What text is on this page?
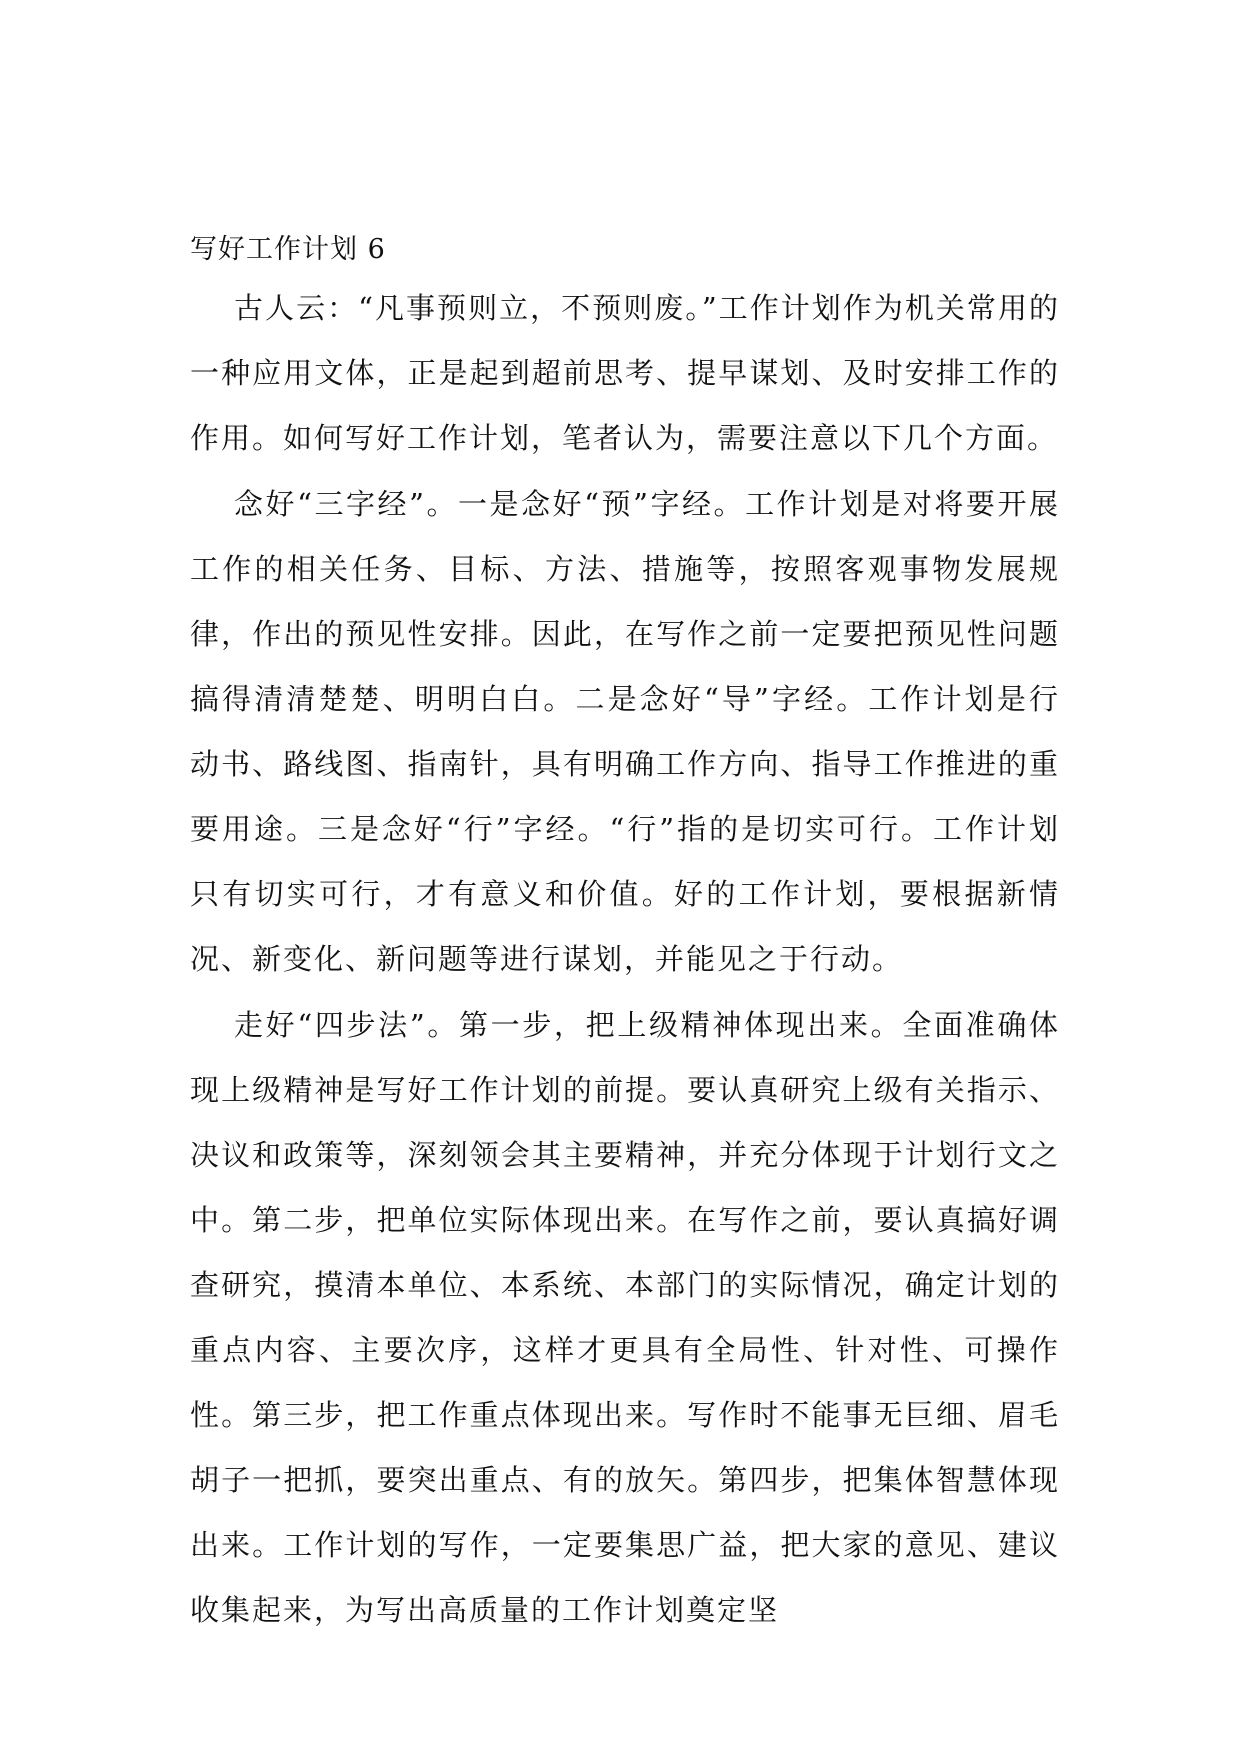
写好工作计划 6

古人云：“凡事预则立，不预则废。”工作计划作为机关常用的一种应用文体，正是起到超前思考、提早谋划、及时安排工作的作用。如何写好工作计划，笔者认为，需要注意以下几个方面。

念好“三字经”。一是念好“预”字经。工作计划是对将要开展工作的相关任务、目标、方法、措施等，按照客观事物发展规律，作出的预见性安排。因此，在写作之前一定要把预见性问题搞得清清楚楚、明明白白。二是念好“导”字经。工作计划是行动书、路线图、指南针，具有明确工作方向、指导工作推进的重要用途。三是念好“行”字经。“行”指的是切实可行。工作计划只有切实可行，才有意义和价值。好的工作计划，要根据新情况、新变化、新问题等进行谋划，并能见之于行动。

走好“四步法”。第一步，把上级精神体现出来。全面准确体现上级精神是写好工作计划的前提。要认真研究上级有关指示、决议和政策等，深刻领会其主要精神，并充分体现于计划行文之中。第二步，把单位实际体现出来。在写作之前，要认真搞好调查研究，摸清本单位、本系统、本部门的实际情况，确定计划的重点内容、主要次序，这样才更具有全局性、针对性、可操作性。第三步，把工作重点体现出来。写作时不能事无巨细、眉毛胡子一把抓，要突出重点、有的放矢。第四步，把集体智慧体现出来。工作计划的写作，一定要集思广益，把大家的意见、建议收集起来，为写出高质量的工作计划奠定坚
